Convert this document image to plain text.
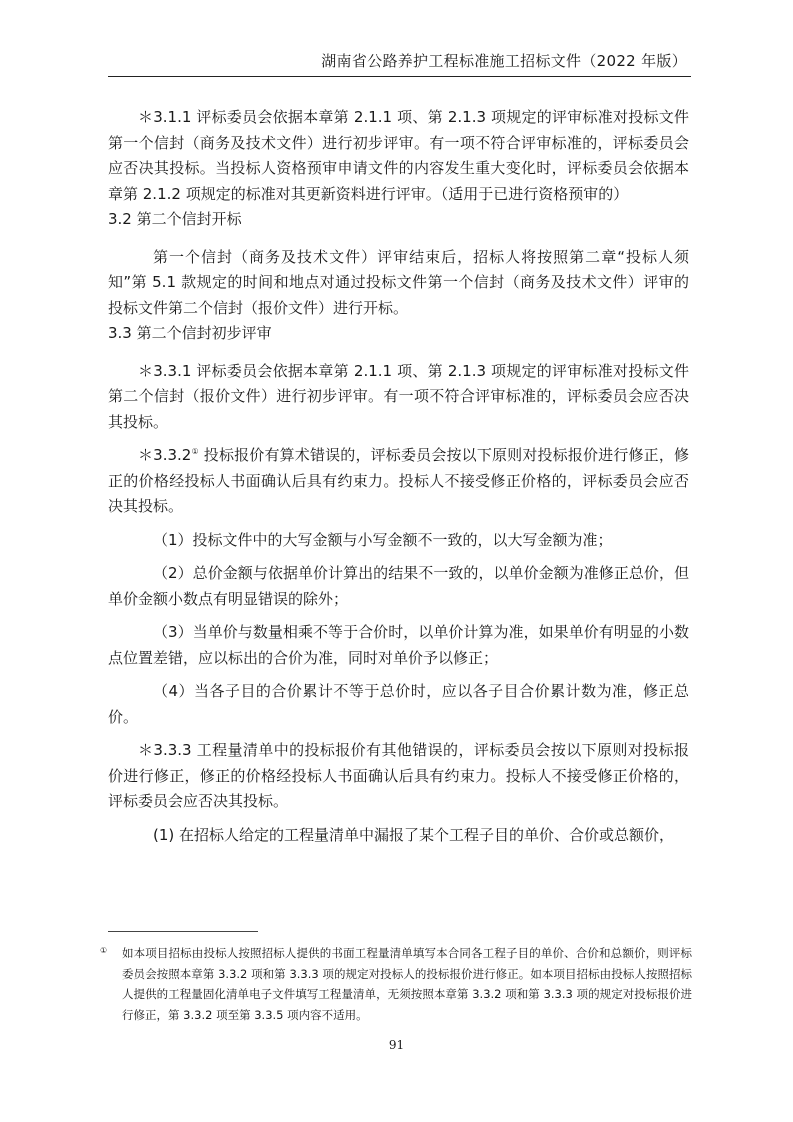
湖南省公路养护工程标准施工招标文件（2022 年版）

＊3.1.1 评标委员会依据本章第 2.1.1 项、第 2.1.3 项规定的评审标准对投标文件第一个信封（商务及技术文件）进行初步评审。有一项不符合评审标准的，评标委员会应否决其投标。当投标人资格预审申请文件的内容发生重大变化时，评标委员会依据本章第 2.1.2 项规定的标准对其更新资料进行评审。（适用于已进行资格预审的）

3.2 第二个信封开标

第一个信封（商务及技术文件）评审结束后，招标人将按照第二章“投标人须知”第 5.1 款规定的时间和地点对通过投标文件第一个信封（商务及技术文件）评审的投标文件第二个信封（报价文件）进行开标。

3.3 第二个信封初步评审

＊3.3.1 评标委员会依据本章第 2.1.1 项、第 2.1.3 项规定的评审标准对投标文件第二个信封（报价文件）进行初步评审。有一项不符合评审标准的，评标委员会应否决其投标。

＊3.3.2① 投标报价有算术错误的，评标委员会按以下原则对投标报价进行修正，修正的价格经投标人书面确认后具有约束力。投标人不接受修正价格的，评标委员会应否决其投标。

（1）投标文件中的大写金额与小写金额不一致的，以大写金额为准；

（2）总价金额与依据单价计算出的结果不一致的，以单价金额为准修正总价，但单价金额小数点有明显错误的除外；

（3）当单价与数量相乘不等于合价时，以单价计算为准，如果单价有明显的小数点位置差错，应以标出的合价为准，同时对单价予以修正；

（4）当各子目的合价累计不等于总价时，应以各子目合价累计数为准，修正总价。

＊3.3.3 工程量清单中的投标报价有其他错误的，评标委员会按以下原则对投标报价进行修正，修正的价格经投标人书面确认后具有约束力。投标人不接受修正价格的，评标委员会应否决其投标。

(1) 在招标人给定的工程量清单中漏报了某个工程子目的单价、合价或总额价，

①	如本项目招标由投标人按照招标人提供的书面工程量清单填写本合同各工程子目的单价、合价和总额价，则评标委员会按照本章第 3.3.2 项和第 3.3.3 项的规定对投标人的投标报价进行修正。如本项目招标由投标人按照招标人提供的工程量固化清单电子文件填写工程量清单，无须按照本章第 3.3.2 项和第 3.3.3 项的规定对投标报价进行修正，第 3.3.2 项至第 3.3.5 项内容不适用。
91
